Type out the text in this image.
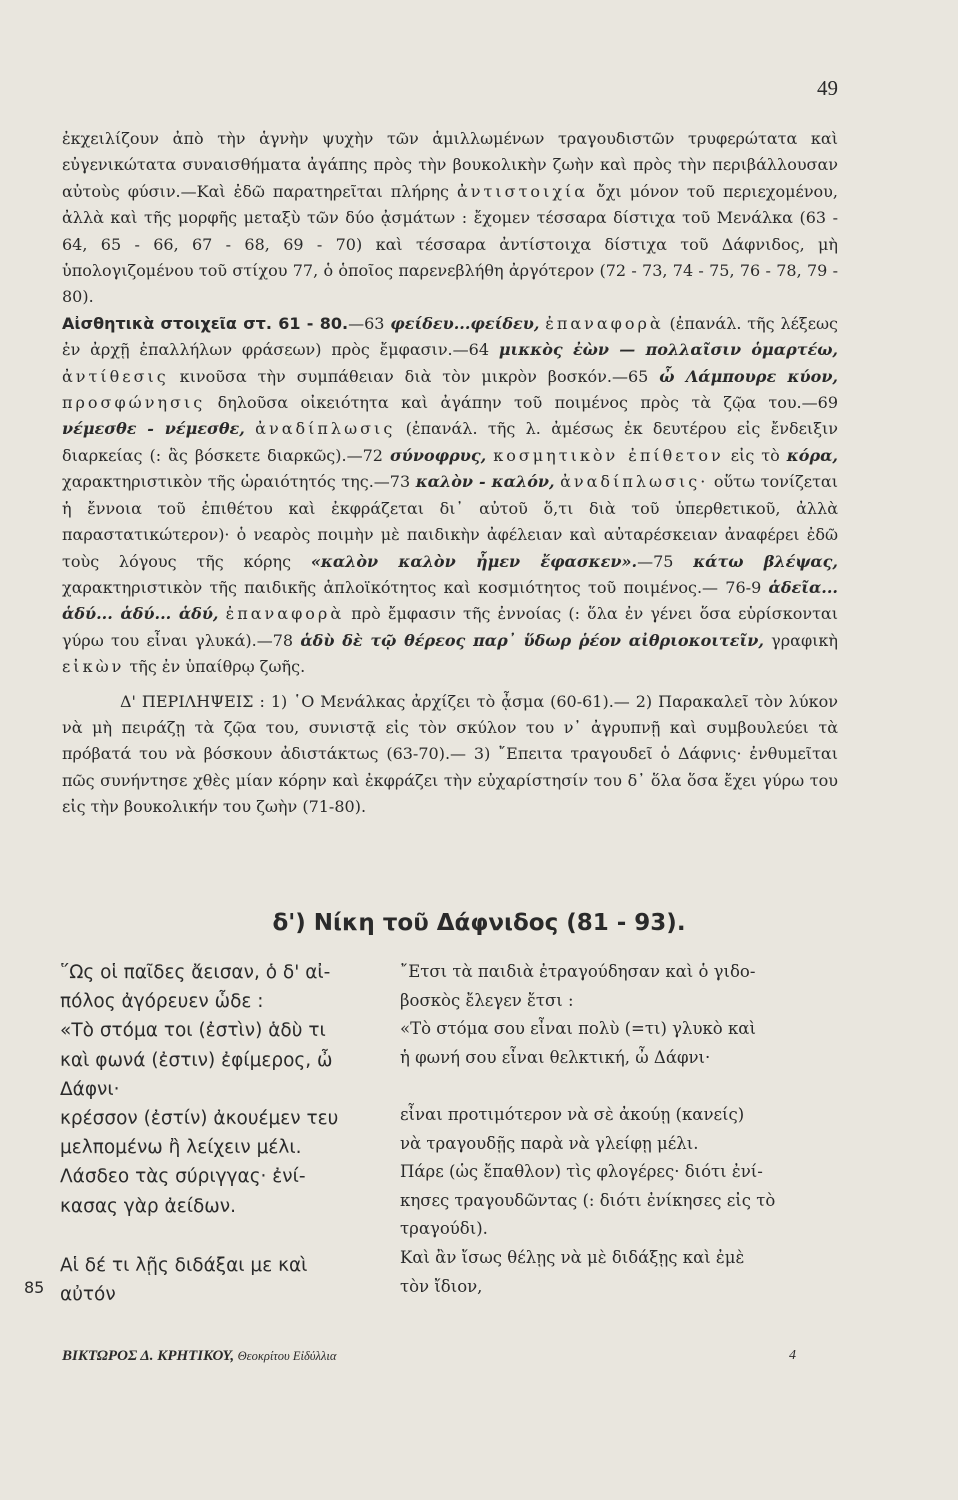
49

ἐκχειλίζουν ἀπὸ τὴν ἁγνὴν ψυχὴν τῶν ἁμιλλωμένων τραγουδιστῶν τρυφερώτατα καὶ εὐγενικώτατα συναισθήματα ἀγάπης πρὸς τὴν βουκολικὴν ζωὴν καὶ πρὸς τὴν περιβάλλουσαν αὐτοὺς φύσιν.—Καὶ ἐδῶ παρατηρεῖται πλήρης ἀντιστοιχία ὄχι μόνον τοῦ περιεχομένου, ἀλλὰ καὶ τῆς μορφῆς μεταξὺ τῶν δύο ᾀσμάτων : ἔχομεν τέσσαρα δίστιχα τοῦ Μενάλκα (63 - 64, 65 - 66, 67 - 68, 69 - 70) καὶ τέσσαρα ἀντίστοιχα δίστιχα τοῦ Δάφνιδος, μὴ ὑπολογιζομένου τοῦ στίχου 77, ὁ ὁποῖος παρενεβλήθη ἀργότερον (72 - 73, 74 - 75, 76 - 78, 79 - 80).

Αἰσθητικὰ στοιχεῖα στ. 61 - 80.—63 φείδευ...φείδευ, ἐπαναφορὰ (ἐπανάλ. τῆς λέξεως ἐν ἀρχῇ ἐπαλλήλων φράσεων) πρὸς ἔμφασιν.—64 μικκὸς ἐὼν — πολλαῖσιν ὁμαρτέω, ἀντίθεσις κινοῦσα τὴν συμπάθειαν διὰ τὸν μικρὸν βοσκόν.—65 ὦ Λάμπουρε κύον, προσφώνησις δηλοῦσα οἰκειότητα καὶ ἀγάπην τοῦ ποιμένος πρὸς τὰ ζῷα του.—69 νέμεσθε - νέμεσθε, ἀναδίπλωσις (ἐπανάλ. τῆς λ. ἀμέσως ἐκ δευτέρου εἰς ἔνδειξιν διαρκείας (: ἃς βόσκετε διαρκῶς).—72 σύνοφρυς, κοσμητικὸν ἐπίθετον εἰς τὸ κόρα, χαρακτηριστικὸν τῆς ὡραιότητός της.—73 καλὸν - καλόν, ἀναδίπλωσις· οὕτω τονίζεται ἡ ἔννοια τοῦ ἐπιθέτου καὶ ἐκφράζεται δι᾽ αὐτοῦ ὅ,τι διὰ τοῦ ὑπερθετικοῦ, ἀλλὰ παραστατικώτερον)· ὁ νεαρὸς ποιμὴν μὲ παιδικὴν ἀφέλειαν καὶ αὐταρέσκειαν ἀναφέρει ἐδῶ τοὺς λόγους τῆς κόρης «καλὸν καλὸν ἦμεν ἔφασκεν».—75 κάτω βλέψας, χαρακτηριστικὸν τῆς παιδικῆς ἁπλοϊκότητος καὶ κοσμιότητος τοῦ ποιμένος.— 76-9 ἁδεῖα... ἁδύ... ἁδύ... ἁδύ, ἐπαναφορὰ πρὸ ἔμφασιν τῆς ἐννοίας (: ὅλα ἐν γένει ὅσα εὑρίσκονται γύρω του εἶναι γλυκά).—78 ἁδὺ δὲ τῷ θέρεος παρ᾽ ὕδωρ ῥέον αἰθριοκοιτεῖν, γραφικὴ εἰκὼν τῆς ἐν ὑπαίθρῳ ζωῆς.

Δ' ΠΕΡΙΛΗΨΕΙΣ : 1) ῾Ο Μενάλκας ἀρχίζει τὸ ᾆσμα (60-61).— 2) Παρακαλεῖ τὸν λύκον νὰ μὴ πειράζῃ τὰ ζῷα του, συνιστᾷ εἰς τὸν σκύλον του ν᾽ ἀγρυπνῇ καὶ συμβουλεύει τὰ πρόβατά του νὰ βόσκουν ἀδιστάκτως (63-70).— 3) ῎Επειτα τραγουδεῖ ὁ Δάφνις· ἐνθυμεῖται πῶς συνήντησε χθὲς μίαν κόρην καὶ ἐκφράζει τὴν εὐχαρίστησίν του δ᾽ ὅλα ὅσα ἔχει γύρω του εἰς τὴν βουκολικήν του ζωὴν (71-80).

δ') Νίκη τοῦ Δάφνιδος (81 - 93).
῞Ως οἱ παῖδες ἄεισαν, ὁ δ' αἰ-
πόλος ἀγόρευεν ὧδε :
«Τὸ στόμα τοι (ἐστὶν) ἁδὺ τι
καὶ φωνά (ἐστιν) ἐφίμερος, ὦ
Δάφνι·
κρέσσον (ἐστίν) ἀκουέμεν τευ
μελπομένω ἢ λείχειν μέλι.
Λάσδεο τὰς σύριγγας· ἐνί-
κασας γὰρ ἀείδων.
Αἱ δέ τι λῇς διδάξαι με καὶ
αὐτόν
῎Ετσι τὰ παιδιὰ ἐτραγούδησαν καὶ ὁ γιδο-
βοσκὸς ἔλεγεν ἔτσι :
«Τὸ στόμα σου εἶναι πολὺ (=τι) γλυκὸ καὶ
ἡ φωνή σου εἶναι θελκτική, ὦ Δάφνι·
εἶναι προτιμότερον νὰ σὲ ἀκούῃ (κανείς)
νὰ τραγουδῇς παρὰ νὰ γλείφῃ μέλι.
Πάρε (ὡς ἔπαθλον) τὶς φλογέρες· διότι ἐνί-
κησες τραγουδῶντας (: διότι ἐνίκησες εἰς τὸ
τραγούδι).
Καὶ ἂν ἴσως θέλῃς νὰ μὲ διδάξῃς καὶ ἐμὲ
τὸν ἴδιον,
85
ΒΙΚΤΩΡΟΣ Δ. ΚΡΗΤΙΚΟΥ, Θεοκρίτου Εἰδύλλια	4
